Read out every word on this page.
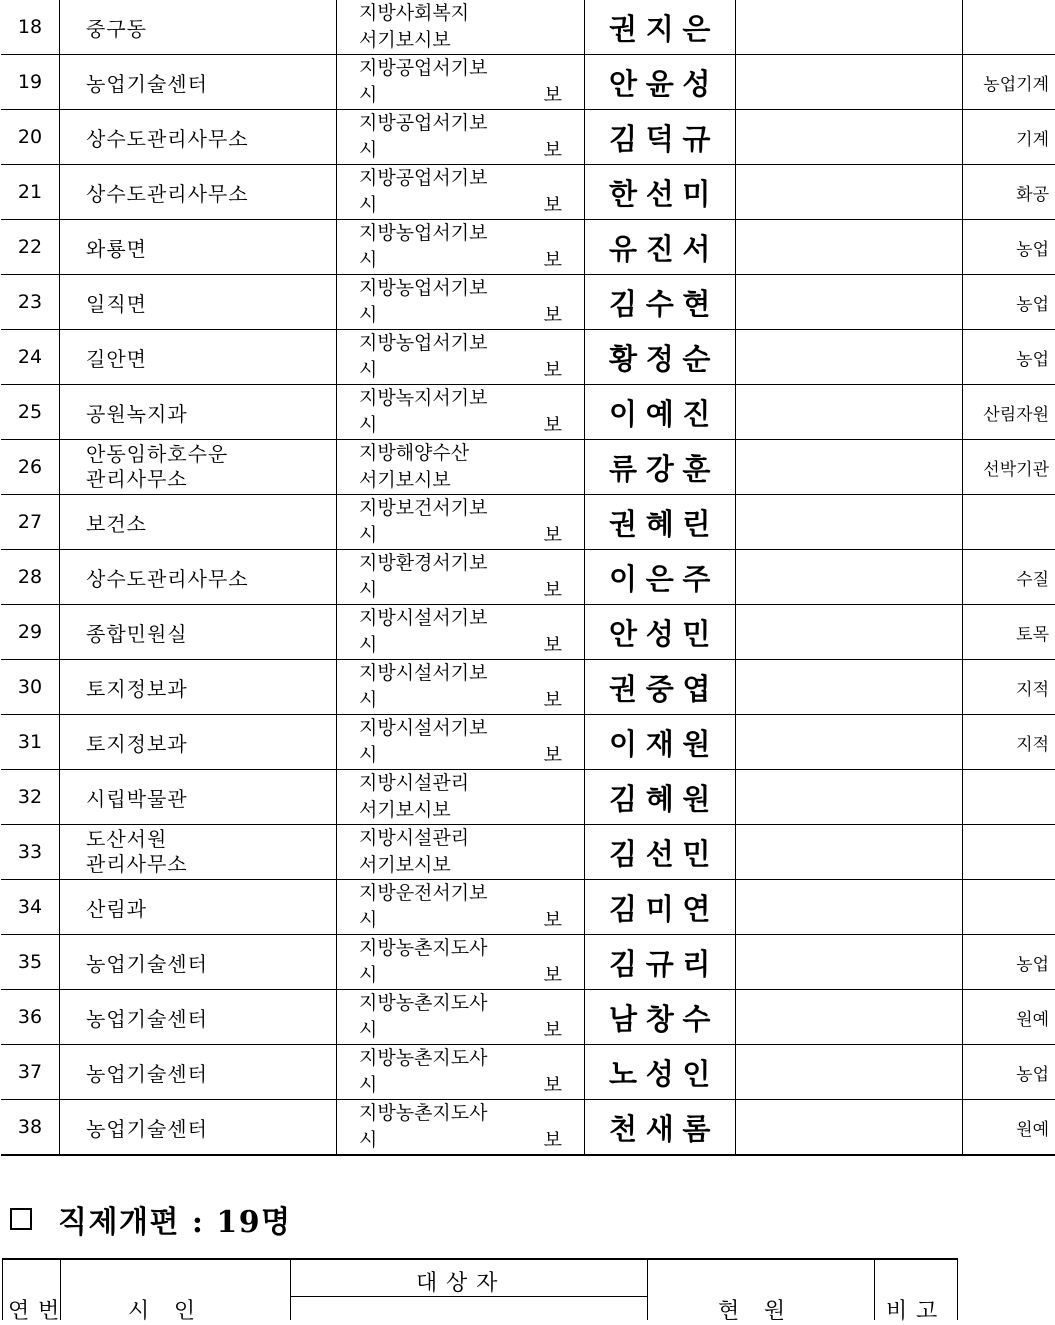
18	중구동	지방사회복지
서기보시보	권지은		

19	농업기술센터	지방공업서기보
시 보	안윤성		농업기계
20	상수도관리사무소	지방공업서기보
시 보	김덕규		기계
21	상수도관리사무소	지방공업서기보
시 보	한선미		화공
22	와룡면	지방농업서기보
시 보	유진서		농업
23	일직면	지방농업서기보
시 보	김수현		농업
24	길안면	지방농업서기보
시 보	황정순		농업
25	공원녹지과	지방녹지서기보
시 보	이예진		산림자원
26	안동임하호수운
관리사무소	지방해양수산
서기보시보	류강훈		선박기관
27	보건소	지방보건서기보
시 보	권혜린		

28	상수도관리사무소	지방환경서기보
시 보	이은주		수질
29	종합민원실	지방시설서기보
시 보	안성민		토목
30	토지정보과	지방시설서기보
시 보	권중엽		지적
31	토지정보과	지방시설서기보
시 보	이재원		지적
32	시립박물관	지방시설관리
서기보시보	김혜원		

33	도산서원
관리사무소	지방시설관리
서기보시보	김선민		

34	산림과	지방운전서기보
시 보	김미연		

35	농업기술센터	지방농촌지도사
시 보	김규리		농업
36	농업기술센터	지방농촌지도사
시 보	남창수		원예
37	농업기술센터	지방농촌지도사
시 보	노성인		농업
38	농업기술센터	지방농촌지도사
시 보	천새롬		원예
직제개편 : 19명
연번	시 인
대상자
현 원	비고
